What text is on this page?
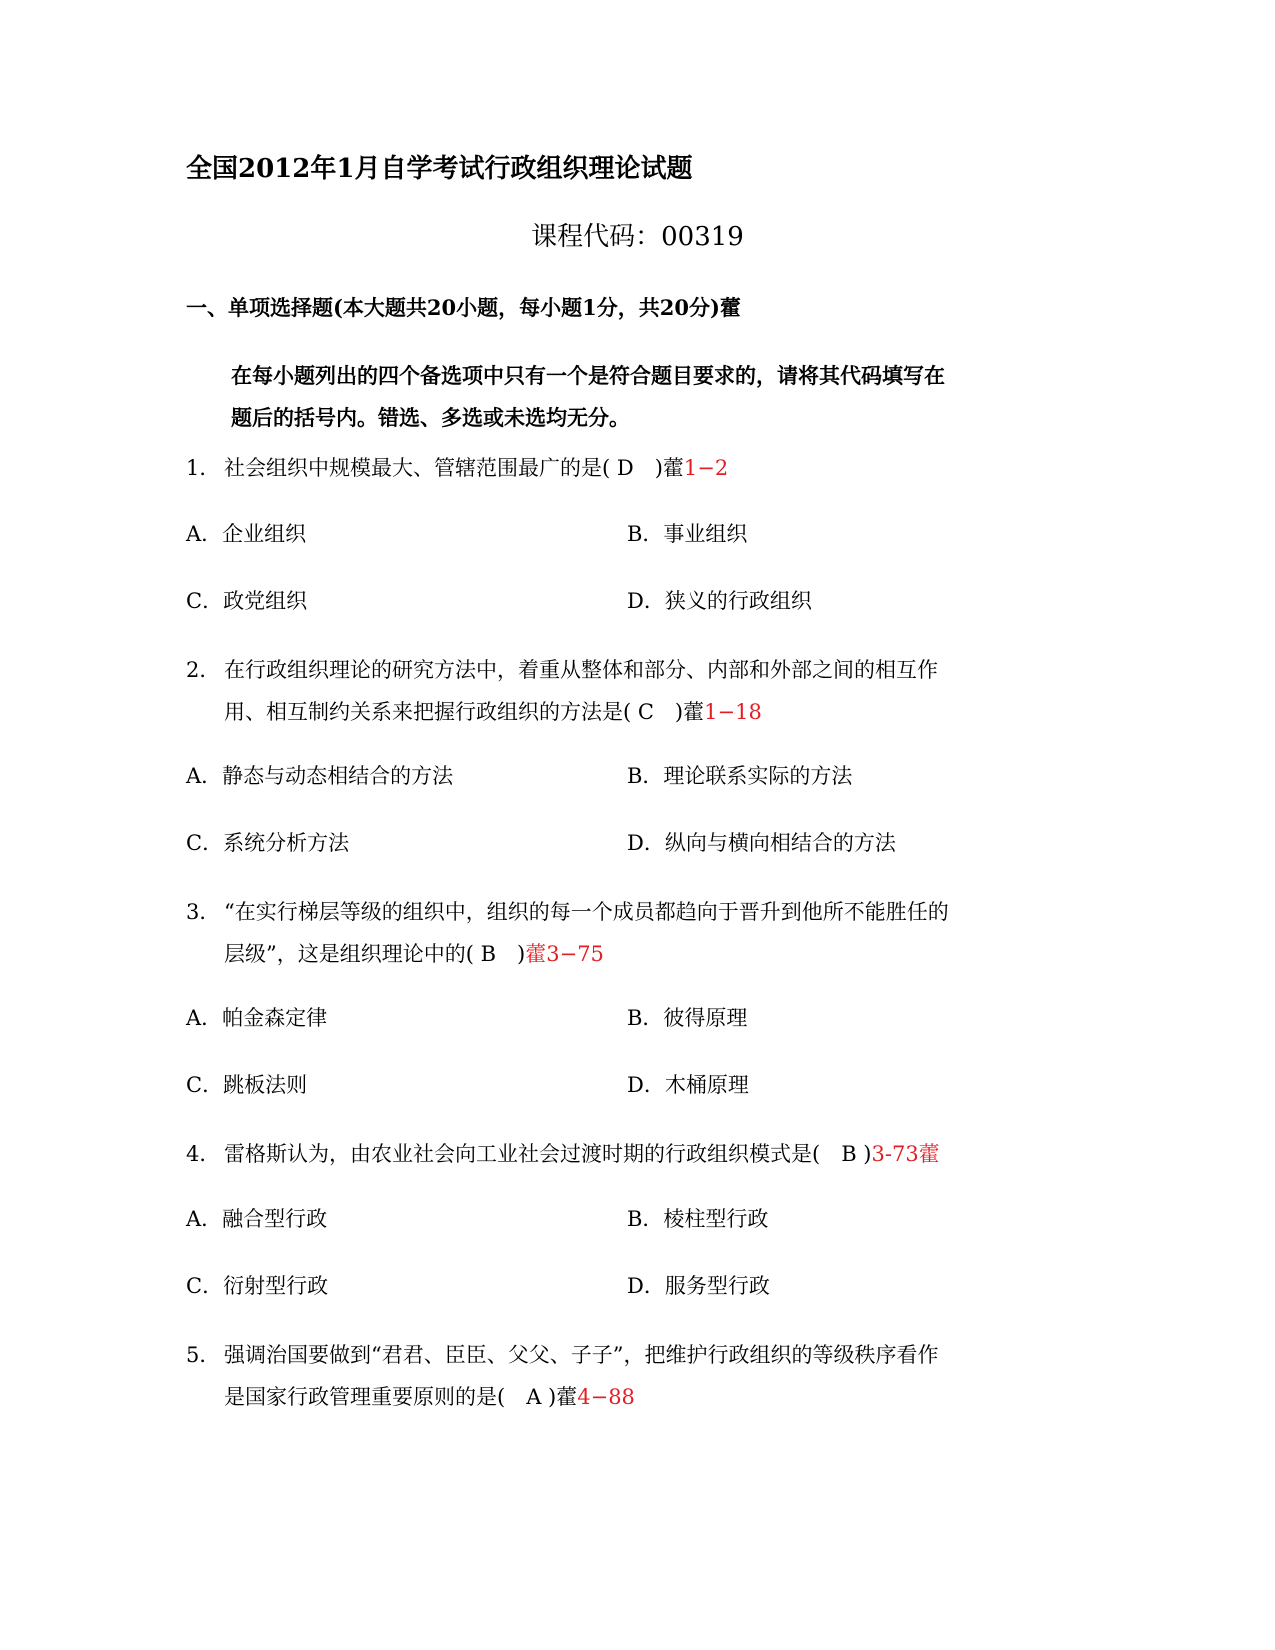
全国2012年1月自学考试行政组织理论试题
课程代码：00319
一、单项选择题(本大题共20小题，每小题1分，共20分)藿
在每小题列出的四个备选项中只有一个是符合题目要求的，请将其代码填写在
题后的括号内。错选、多选或未选均无分。
1． 社会组织中规模最大、管辖范围最广的是( D　)藿1−2
A．企业组织	B．事业组织
C．政党组织	D．狭义的行政组织
2． 在行政组织理论的研究方法中，着重从整体和部分、内部和外部之间的相互作
用、相互制约关系来把握行政组织的方法是( C　)藿1−18
A．静态与动态相结合的方法	B．理论联系实际的方法
C．系统分析方法	D．纵向与横向相结合的方法
3． “在实行梯层等级的组织中，组织的每一个成员都趋向于晋升到他所不能胜任的
层级”，这是组织理论中的( B　)藿3−75
A．帕金森定律	B．彼得原理
C．跳板法则	D．木桶原理
4． 雷格斯认为，由农业社会向工业社会过渡时期的行政组织模式是(　B )3-73藿
A．融合型行政	B．棱柱型行政
C．衍射型行政	D．服务型行政
5． 强调治国要做到“君君、臣臣、父父、子子”，把维护行政组织的等级秩序看作
是国家行政管理重要原则的是(　A )藿4−88
